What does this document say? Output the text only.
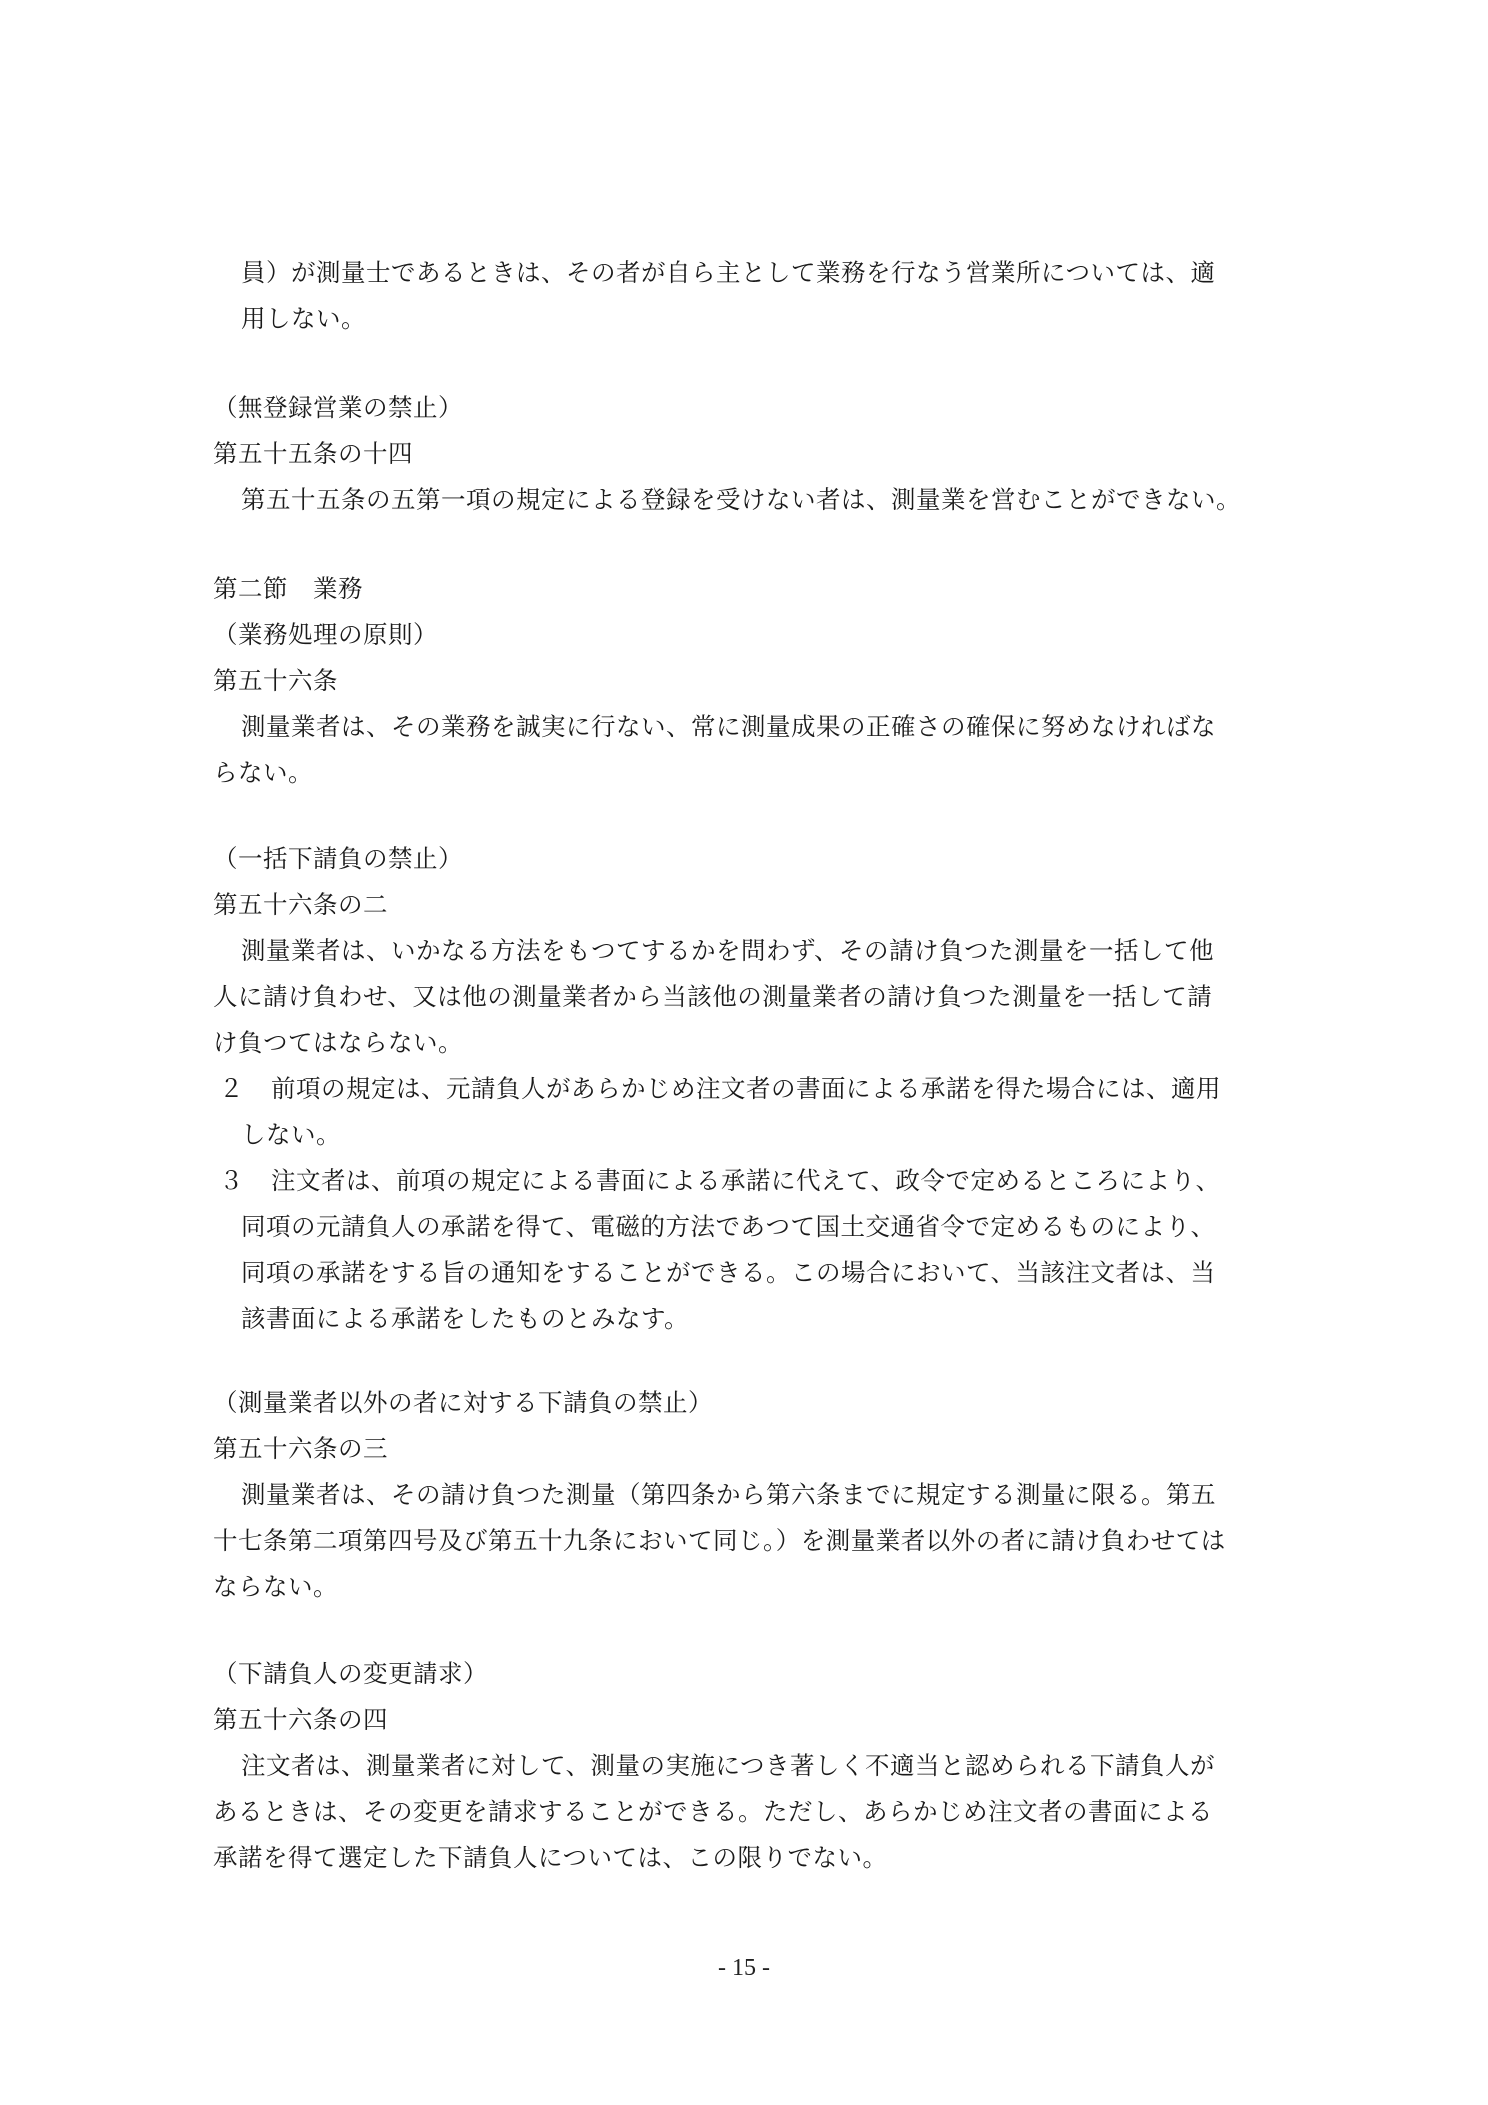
員）が測量士であるときは、その者が自ら主として業務を行なう営業所については、適
用しない。
（無登録営業の禁止）
第五十五条の十四
第五十五条の五第一項の規定による登録を受けない者は、測量業を営むことができない。
第二節　業務
（業務処理の原則）
第五十六条
測量業者は、その業務を誠実に行ない、常に測量成果の正確さの確保に努めなければな
らない。
（一括下請負の禁止）
第五十六条の二
測量業者は、いかなる方法をもつてするかを問わず、その請け負つた測量を一括して他
人に請け負わせ、又は他の測量業者から当該他の測量業者の請け負つた測量を一括して請
け負つてはならない。
２ 前項の規定は、元請負人があらかじめ注文者の書面による承諾を得た場合には、適用
しない。
３ 注文者は、前項の規定による書面による承諾に代えて、政令で定めるところにより、
同項の元請負人の承諾を得て、電磁的方法であつて国土交通省令で定めるものにより、
同項の承諾をする旨の通知をすることができる。この場合において、当該注文者は、当
該書面による承諾をしたものとみなす。
（測量業者以外の者に対する下請負の禁止）
第五十六条の三
測量業者は、その請け負つた測量（第四条から第六条までに規定する測量に限る。第五
十七条第二項第四号及び第五十九条において同じ。）を測量業者以外の者に請け負わせては
ならない。
（下請負人の変更請求）
第五十六条の四
注文者は、測量業者に対して、測量の実施につき著しく不適当と認められる下請負人が
あるときは、その変更を請求することができる。ただし、あらかじめ注文者の書面による
承諾を得て選定した下請負人については、この限りでない。
- 15 -
